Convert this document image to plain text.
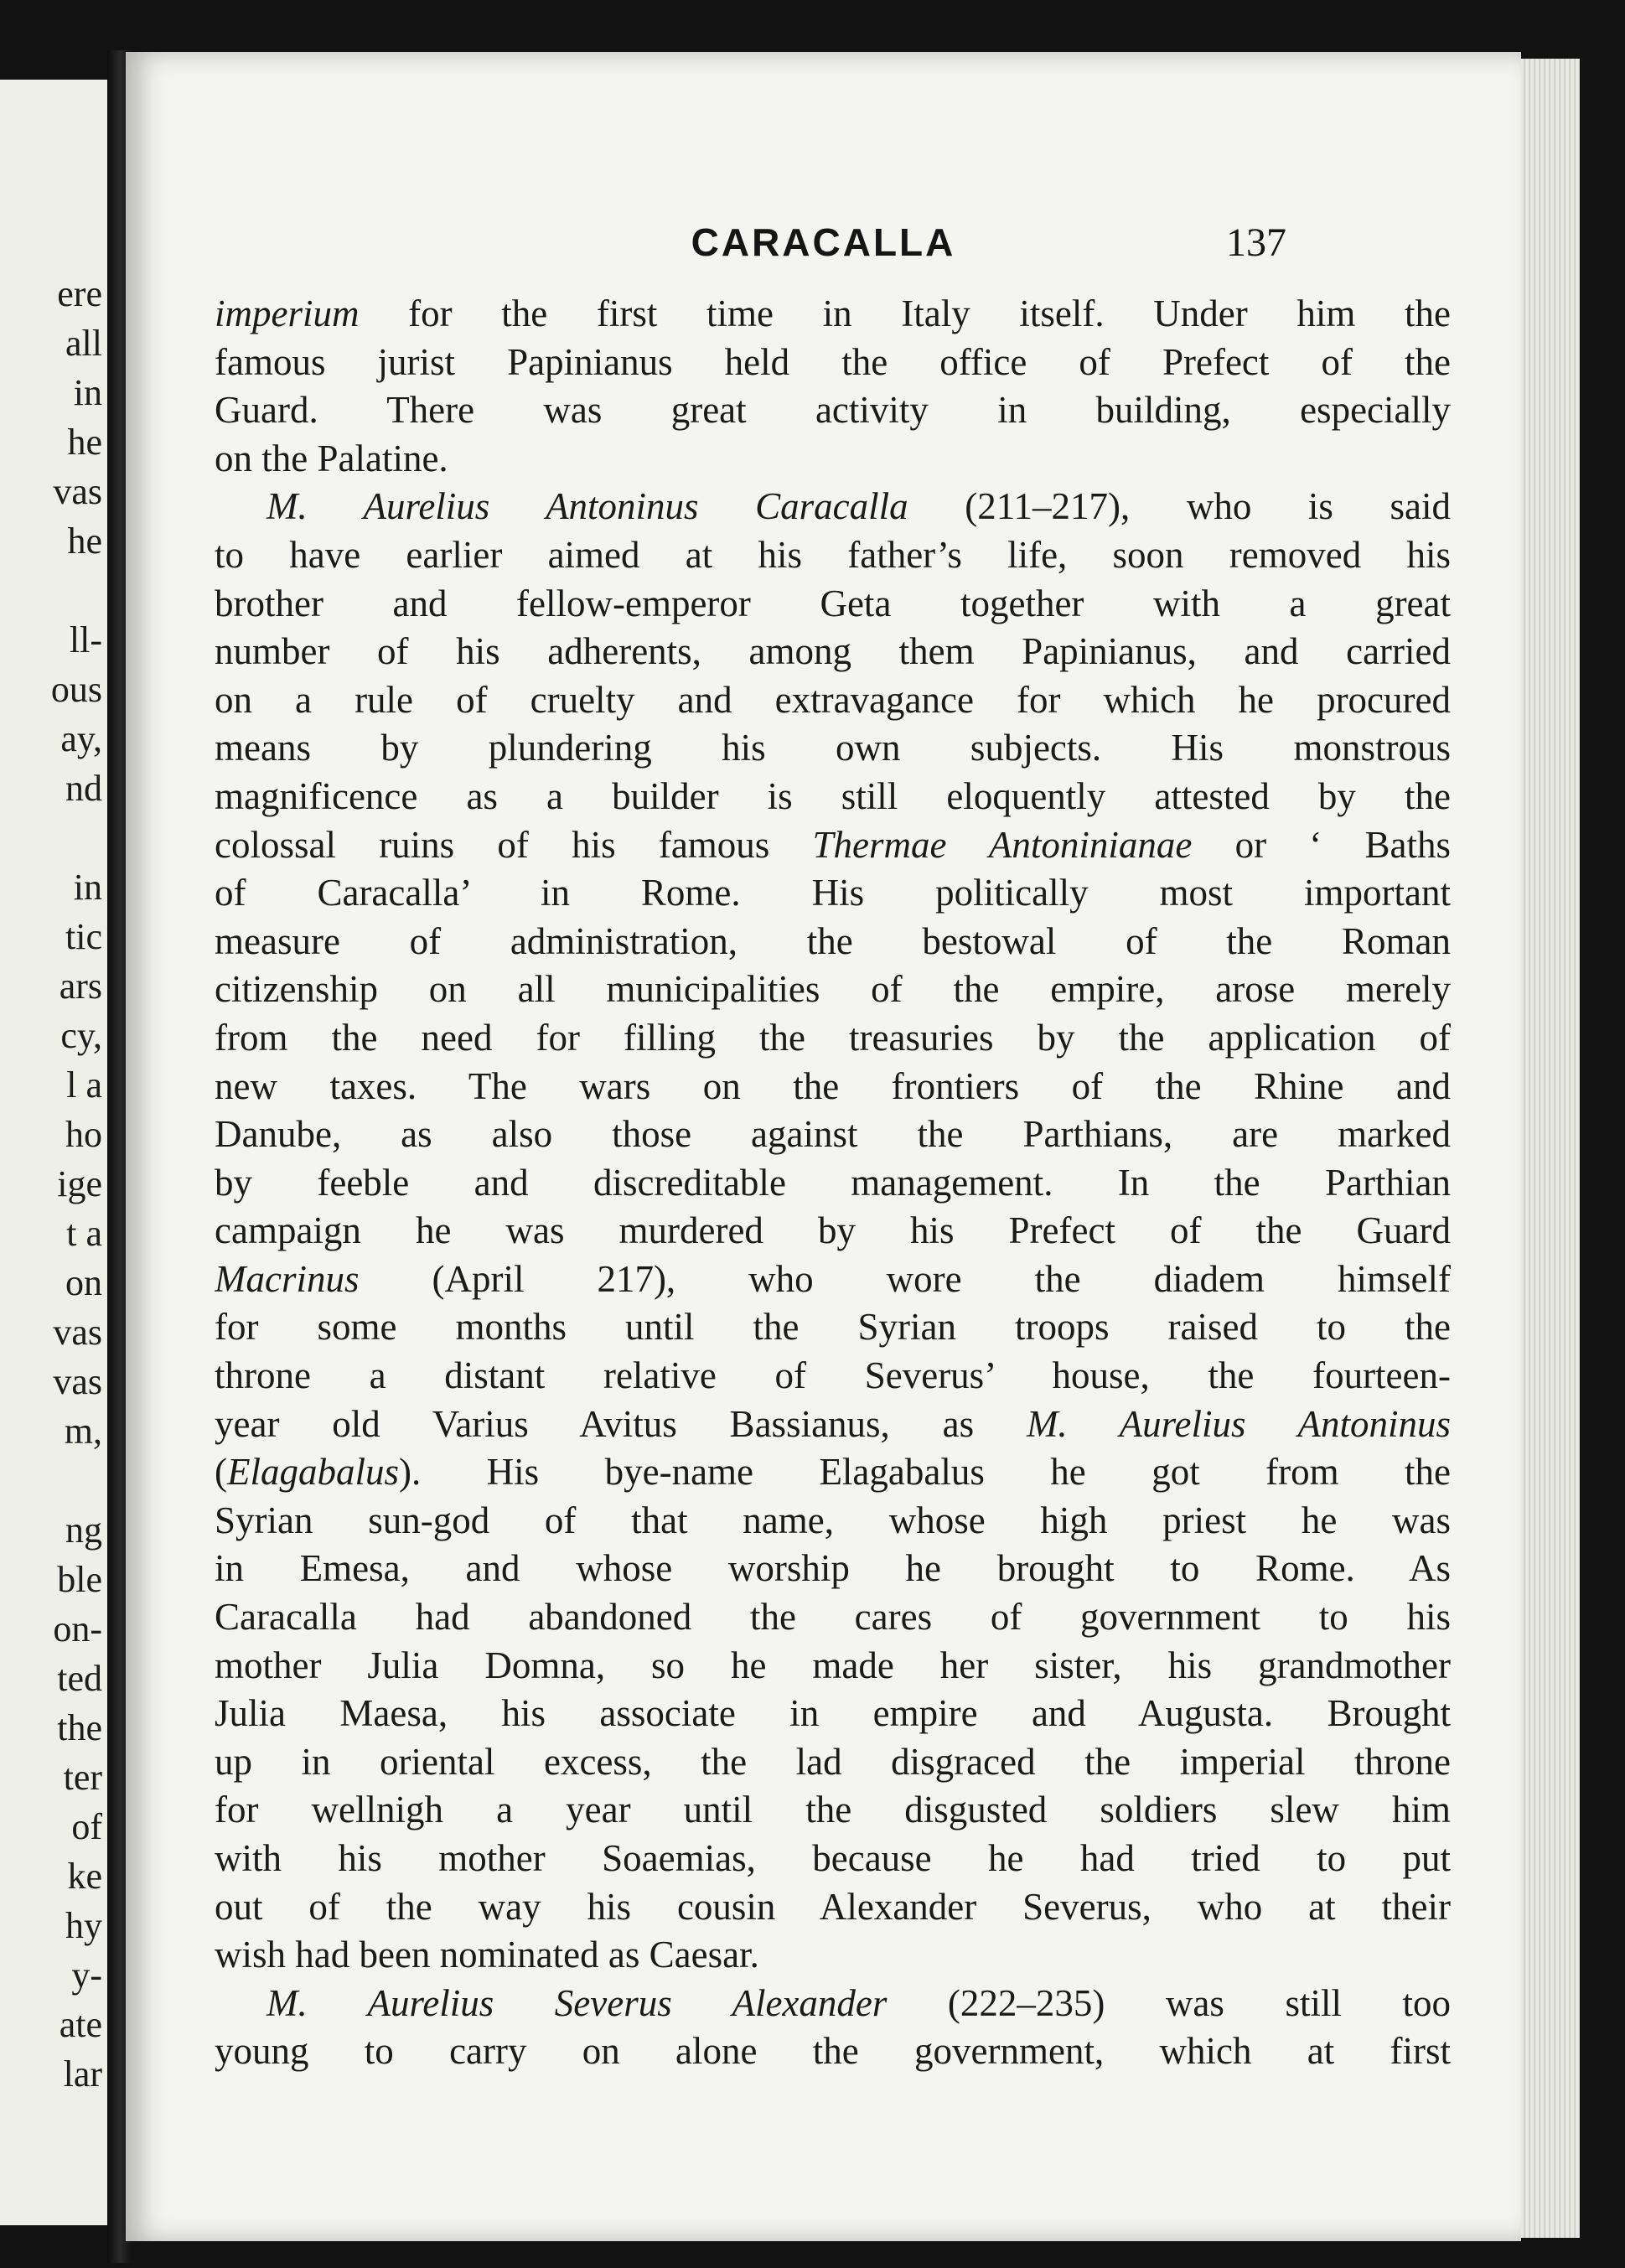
ere
all
in
he
vas
he
ll-
ous
ay,
nd
in
tic
ars
cy,
l a
ho
ige
t a
on
vas
vas
m,
ng
ble
on-
ted
the
ter
of
ke
hy
y-
ate
lar
CARACALLA	137
imperium for the first time in Italy itself. Under him the
famous jurist Papinianus held the office of Prefect of the
Guard. There was great activity in building, especially
on the Palatine.
M. Aurelius Antoninus Caracalla (211–217), who is said
to have earlier aimed at his father’s life, soon removed his
brother and fellow-emperor Geta together with a great
number of his adherents, among them Papinianus, and carried
on a rule of cruelty and extravagance for which he procured
means by plundering his own subjects. His monstrous
magnificence as a builder is still eloquently attested by the
colossal ruins of his famous Thermae Antoninianae or ‘ Baths
of Caracalla’ in Rome. His politically most important
measure of administration, the bestowal of the Roman
citizenship on all municipalities of the empire, arose merely
from the need for filling the treasuries by the application of
new taxes. The wars on the frontiers of the Rhine and
Danube, as also those against the Parthians, are marked
by feeble and discreditable management. In the Parthian
campaign he was murdered by his Prefect of the Guard
Macrinus (April 217), who wore the diadem himself
for some months until the Syrian troops raised to the
throne a distant relative of Severus’ house, the fourteen-
year old Varius Avitus Bassianus, as M. Aurelius Antoninus
(Elagabalus). His bye-name Elagabalus he got from the
Syrian sun-god of that name, whose high priest he was
in Emesa, and whose worship he brought to Rome. As
Caracalla had abandoned the cares of government to his
mother Julia Domna, so he made her sister, his grandmother
Julia Maesa, his associate in empire and Augusta. Brought
up in oriental excess, the lad disgraced the imperial throne
for wellnigh a year until the disgusted soldiers slew him
with his mother Soaemias, because he had tried to put
out of the way his cousin Alexander Severus, who at their
wish had been nominated as Caesar.
M. Aurelius Severus Alexander (222–235) was still too
young to carry on alone the government, which at first
